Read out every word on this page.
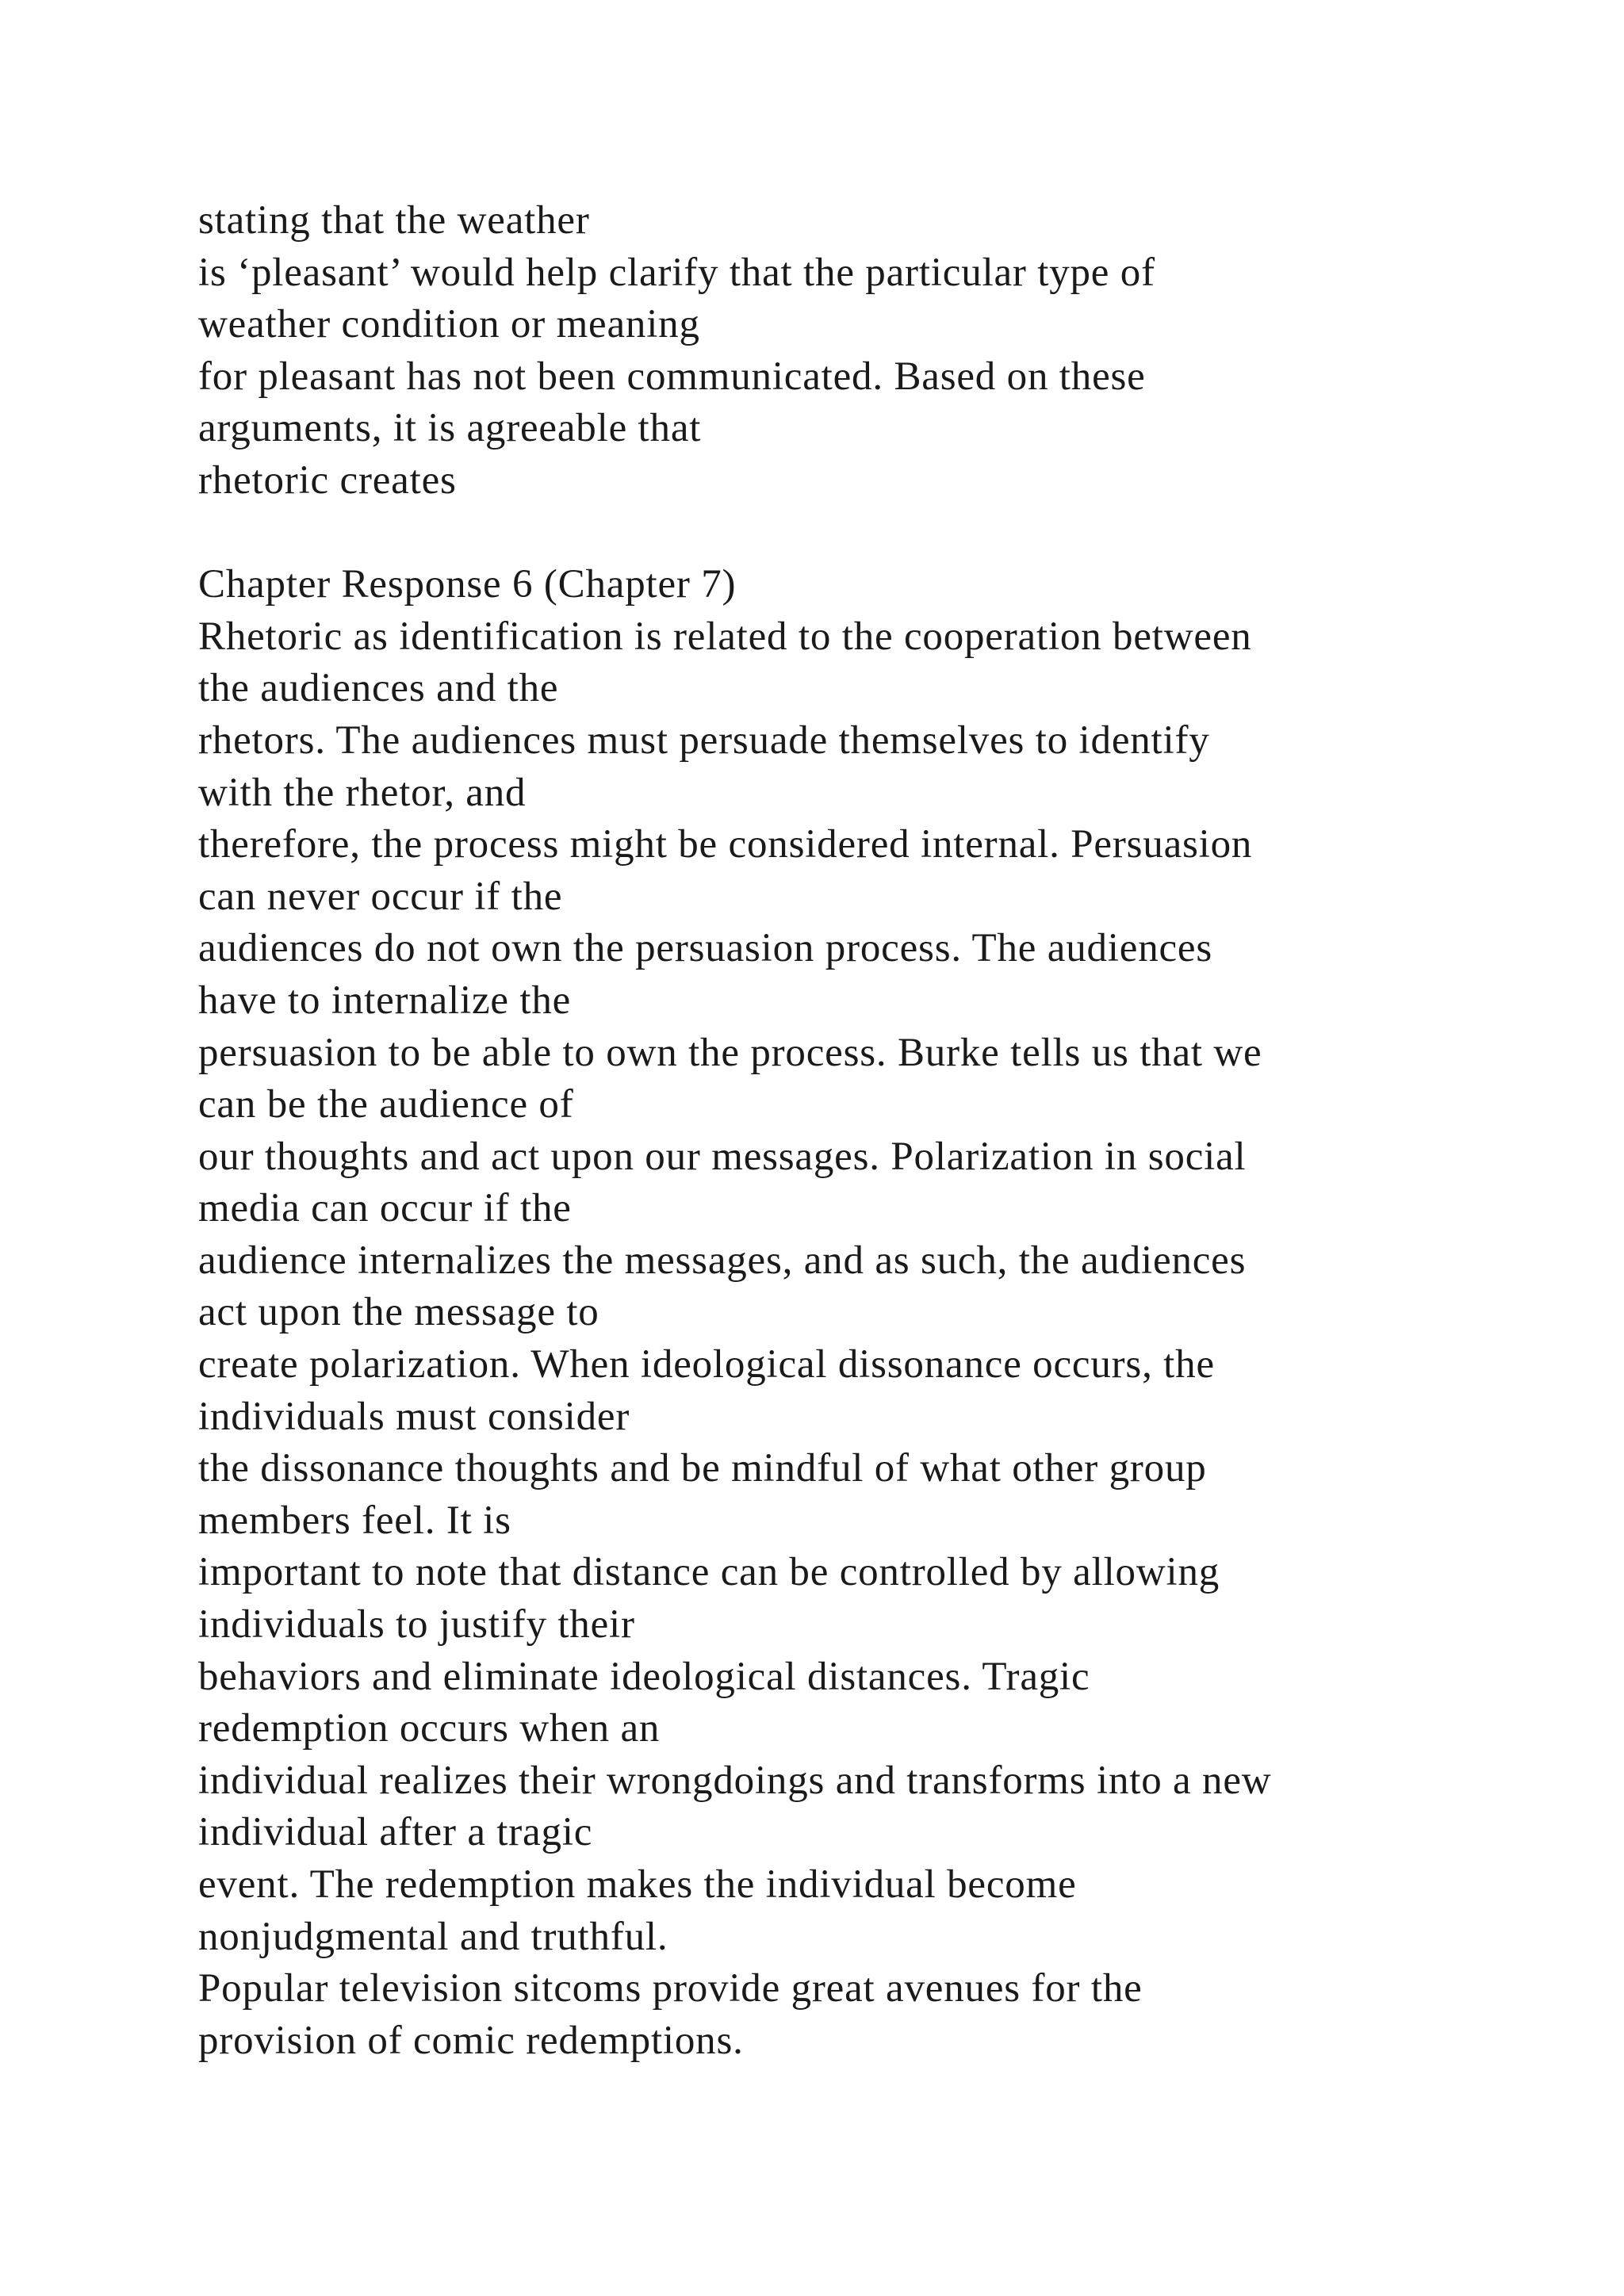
stating that the weather
is ‘pleasant’ would help clarify that the particular type of
weather condition or meaning
for pleasant has not been communicated. Based on these
arguments, it is agreeable that
rhetoric creates
Chapter Response 6 (Chapter 7)
Rhetoric as identification is related to the cooperation between
the audiences and the
rhetors. The audiences must persuade themselves to identify
with the rhetor, and
therefore, the process might be considered internal. Persuasion
can never occur if the
audiences do not own the persuasion process. The audiences
have to internalize the
persuasion to be able to own the process. Burke tells us that we
can be the audience of
our thoughts and act upon our messages. Polarization in social
media can occur if the
audience internalizes the messages, and as such, the audiences
act upon the message to
create polarization. When ideological dissonance occurs, the
individuals must consider
the dissonance thoughts and be mindful of what other group
members feel. It is
important to note that distance can be controlled by allowing
individuals to justify their
behaviors and eliminate ideological distances. Tragic
redemption occurs when an
individual realizes their wrongdoings and transforms into a new
individual after a tragic
event. The redemption makes the individual become
nonjudgmental and truthful.
Popular television sitcoms provide great avenues for the
provision of comic redemptions.
